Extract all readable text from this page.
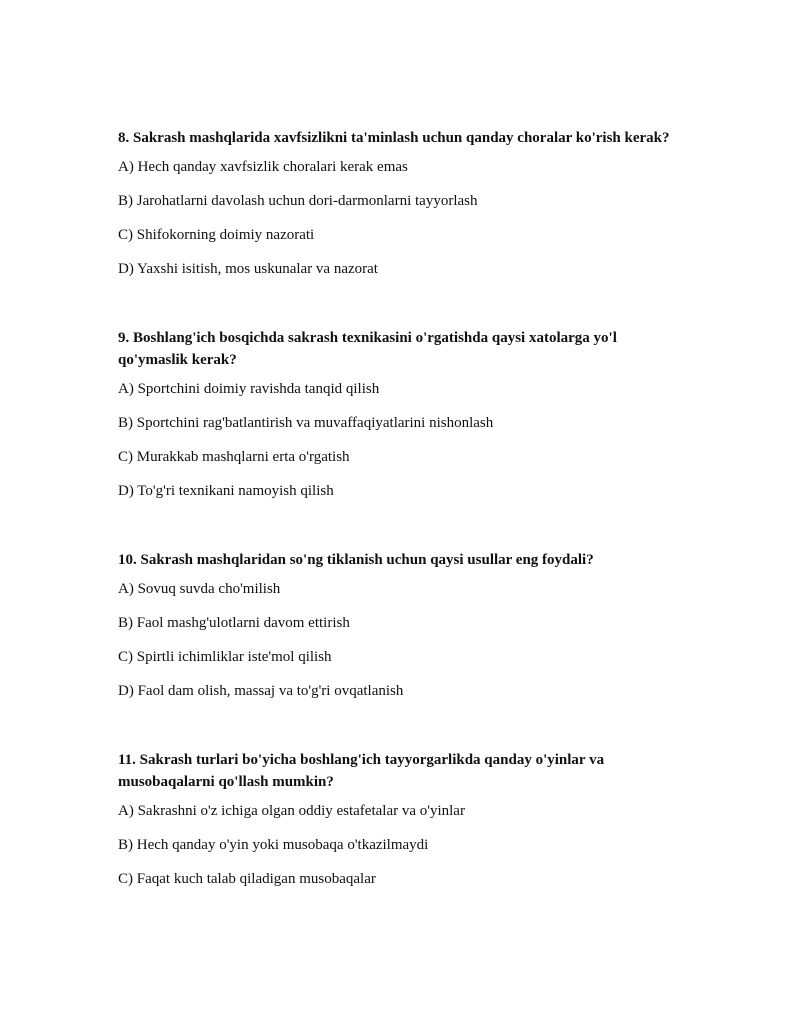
8. Sakrash mashqlarida xavfsizlikni ta'minlash uchun qanday choralar ko'rish kerak?

A) Hech qanday xavfsizlik choralari kerak emas

B) Jarohatlarni davolash uchun dori-darmonlarni tayyorlash

C) Shifokorning doimiy nazorati

D) Yaxshi isitish, mos uskunalar va nazorat

9. Boshlang'ich bosqichda sakrash texnikasini o'rgatishda qaysi xatolarga yo'l qo'ymaslik kerak?

A) Sportchini doimiy ravishda tanqid qilish

B) Sportchini rag'batlantirish va muvaffaqiyatlarini nishonlash

C) Murakkab mashqlarni erta o'rgatish

D) To'g'ri texnikani namoyish qilish

10. Sakrash mashqlaridan so'ng tiklanish uchun qaysi usullar eng foydali?

A) Sovuq suvda cho'milish

B) Faol mashg'ulotlarni davom ettirish

C) Spirtli ichimliklar iste'mol qilish

D) Faol dam olish, massaj va to'g'ri ovqatlanish

11. Sakrash turlari bo'yicha boshlang'ich tayyorgarlikda qanday o'yinlar va musobaqalarni qo'llash mumkin?

A) Sakrashni o'z ichiga olgan oddiy estafetalar va o'yinlar

B) Hech qanday o'yin yoki musobaqa o'tkazilmaydi

C) Faqat kuch talab qiladigan musobaqalar
